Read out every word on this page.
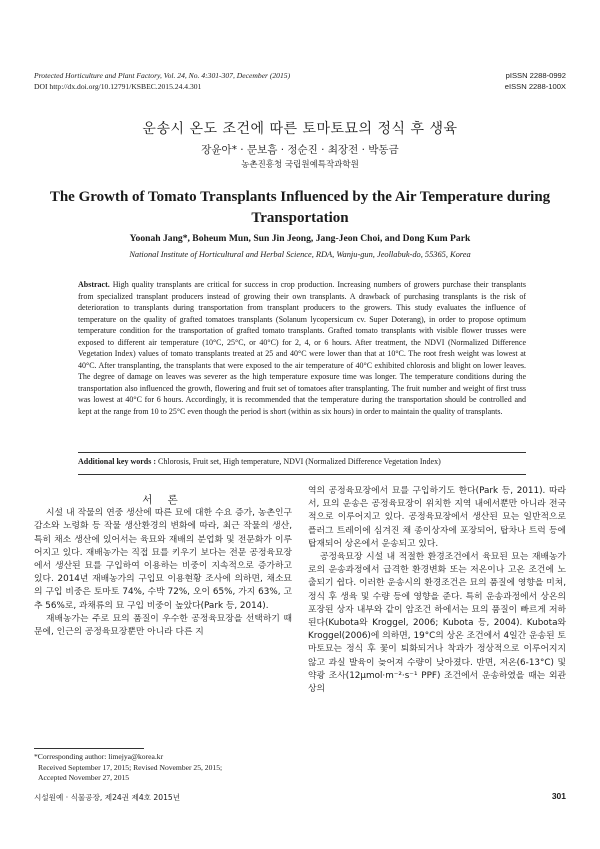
Protected Horticulture and Plant Factory, Vol. 24, No. 4:301-307, December (2015)
DOI http://dx.doi.org/10.12791/KSBEC.2015.24.4.301
pISSN 2288-0992
eISSN 2288-100X
운송시 온도 조건에 따른 토마토묘의 정식 후 생육
장윤아* · 문보흠 · 정순진 · 최장전 · 박동금
농촌진흥청 국립원예특작과학원
The Growth of Tomato Transplants Influenced by the Air Temperature during Transportation
Yoonah Jang*, Boheum Mun, Sun Jin Jeong, Jang-Jeon Choi, and Dong Kum Park
National Institute of Horticultural and Herbal Science, RDA, Wanju-gun, Jeollabuk-do, 55365, Korea
Abstract. High quality transplants are critical for success in crop production. Increasing numbers of growers purchase their transplants from specialized transplant producers instead of growing their own transplants. A drawback of purchasing transplants is the risk of deterioration to transplants during transportation from transplant producers to the growers. This study evaluates the influence of temperature on the quality of grafted tomatoes transplants (Solanum lycopersicum cv. Super Doterang), in order to propose optimum temperature condition for the transportation of grafted tomato transplants. Grafted tomato transplants with visible flower trusses were exposed to different air temperature (10°C, 25°C, or 40°C) for 2, 4, or 6 hours. After treatment, the NDVI (Normalized Difference Vegetation Index) values of tomato transplants treated at 25 and 40°C were lower than that at 10°C. The root fresh weight was lowest at 40°C. After transplanting, the transplants that were exposed to the air temperature of 40°C exhibited chlorosis and blight on lower leaves. The degree of damage on leaves was severer as the high temperature exposure time was longer. The temperature conditions during the transportation also influenced the growth, flowering and fruit set of tomatoes after transplanting. The fruit number and weight of first truss was lowest at 40°C for 6 hours. Accordingly, it is recommended that the temperature during the transportation should be controlled and kept at the range from 10 to 25°C even though the period is short (within as six hours) in order to maintain the quality of transplants.
Additional key words : Chlorosis, Fruit set, High temperature, NDVI (Normalized Difference Vegetation Index)

서 론

시설 내 작물의 연중 생산에 따른 묘에 대한 수요 증가, 농촌인구 감소와 노령화 등 작물 생산환경의 변화에 따라, 최근 작물의 생산, 특히 채소 생산에 있어서는 육묘와 재배의 분업화 및 전문화가 이루어지고 있다. 재배농가는 직접 묘를 키우기 보다는 전문 공정육묘장에서 생산된 묘를 구입하여 이용하는 비중이 지속적으로 증가하고 있다. 2014년 재배농가의 구입묘 이용현황 조사에 의하면, 채소묘의 구입 비중은 토마토 74%, 수박 72%, 오이 65%, 가지 63%, 고추 56%로, 과채류의 묘 구입 비중이 높았다(Park 등, 2014).

재배농가는 주로 묘의 품질이 우수한 공정육묘장을 선택하기 때문에, 인근의 공정육묘장뿐만 아니라 다른 지

역의 공정육묘장에서 묘를 구입하기도 한다(Park 등, 2011). 따라서, 묘의 운송은 공정육묘장이 위치한 지역 내에서뿐만 아니라 전국적으로 이루어지고 있다. 공정육묘장에서 생산된 묘는 일반적으로 플러그 트레이에 심겨진 채 종이상자에 포장되어, 탑차나 트럭 등에 탑재되어 상온에서 운송되고 있다.

공정육묘장 시설 내 적절한 환경조건에서 육묘된 묘는 재배농가로의 운송과정에서 급격한 환경변화 또는 저온이나 고온 조건에 노출되기 쉽다. 이러한 운송시의 환경조건은 묘의 품질에 영향을 미쳐, 정식 후 생육 및 수량 등에 영향을 준다. 특히 운송과정에서 상온의 포장된 상자 내부와 같이 암조건 하에서는 묘의 품질이 빠르게 저하된다(Kubota와 Kroggel, 2006; Kubota 등, 2004). Kubota와 Kroggel(2006)에 의하면, 19°C의 상온 조건에서 4일간 운송된 토마토묘는 정식 후 꽃이 퇴화되거나 착과가 정상적으로 이루어지지 않고 과실 발육이 늦어져 수량이 낮아졌다. 반면, 저온(6-13°C) 및 약광 조사(12μmol·m⁻²·s⁻¹ PPF) 조건에서 운송하였을 때는 외관상의

*Corresponding author: limejya@korea.kr
Received September 17, 2015; Revised November 25, 2015;
Accepted November 27, 2015
시설원예 · 식물공장, 제24권 제4호 2015년	301
